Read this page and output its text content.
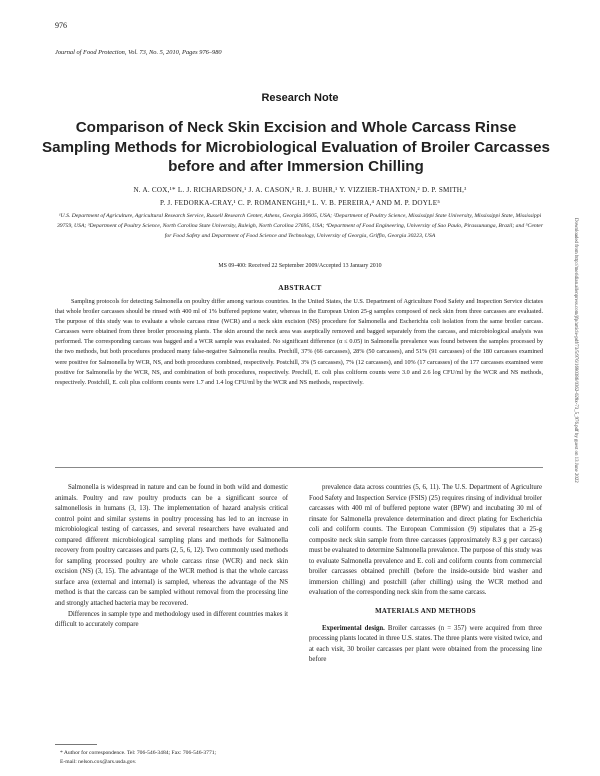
976
Journal of Food Protection, Vol. 73, No. 5, 2010, Pages 976–980
Research Note
Comparison of Neck Skin Excision and Whole Carcass Rinse Sampling Methods for Microbiological Evaluation of Broiler Carcasses before and after Immersion Chilling
N. A. COX,¹* L. J. RICHARDSON,¹ J. A. CASON,¹ R. J. BUHR,¹ Y. VIZZIER-THAXTON,² D. P. SMITH,³
P. J. FEDORKA-CRAY,¹ C. P. ROMANENGHI,⁴ L. V. B. PEREIRA,⁴ AND M. P. DOYLE⁵
¹U.S. Department of Agriculture, Agricultural Research Service, Russell Research Center, Athens, Georgia 30605, USA; ²Department of Poultry Science, Mississippi State University, Mississippi State, Mississippi 39759, USA; ³Department of Poultry Science, North Carolina State University, Raleigh, North Carolina 27695, USA; ⁴Department of Food Engineering, University of Sao Paulo, Pirassununga, Brazil; and ⁵Center for Food Safety and Department of Food Science and Technology, University of Georgia, Griffin, Georgia 30223, USA
MS 09-400: Received 22 September 2009/Accepted 13 January 2010
ABSTRACT
Sampling protocols for detecting Salmonella on poultry differ among various countries. In the United States, the U.S. Department of Agriculture Food Safety and Inspection Service dictates that whole broiler carcasses should be rinsed with 400 ml of 1% buffered peptone water, whereas in the European Union 25-g samples composed of neck skin from three carcasses are evaluated. The purpose of this study was to evaluate a whole carcass rinse (WCR) and a neck skin excision (NS) procedure for Salmonella and Escherichia coli isolation from the same broiler carcass. Carcasses were obtained from three broiler processing plants. The skin around the neck area was aseptically removed and bagged separately from the carcass, and microbiological analysis was performed. The corresponding carcass was bagged and a WCR sample was evaluated. No significant difference (α ≤ 0.05) in Salmonella prevalence was found between the samples processed by the two methods, but both procedures produced many false-negative Salmonella results. Prechill, 37% (66 carcasses), 28% (50 carcasses), and 51% (91 carcasses) of the 180 carcasses examined were positive for Salmonella by WCR, NS, and both procedures combined, respectively. Postchill, 3% (5 carcasses), 7% (12 carcasses), and 10% (17 carcasses) of the 177 carcasses examined were positive for Salmonella by the WCR, NS, and combination of both procedures, respectively. Prechill, E. coli plus coliform counts were 3.0 and 2.6 log CFU/ml by the WCR and NS methods, respectively. Postchill, E. coli plus coliform counts were 1.7 and 1.4 log CFU/ml by the WCR and NS methods, respectively.

Salmonella is widespread in nature and can be found in both wild and domestic animals. Poultry and raw poultry products can be a significant source of salmonellosis in humans (3, 13). The implementation of hazard analysis critical control point and similar systems in poultry processing has led to an increase in microbiological testing of carcasses, and several researchers have evaluated and compared different microbiological sampling plans and methods for Salmonella recovery from poultry carcasses and parts (2, 5, 6, 12). Two commonly used methods for sampling processed poultry are whole carcass rinse (WCR) and neck skin excision (NS) (3, 15). The advantage of the WCR method is that the whole carcass surface area (external and internal) is sampled, whereas the advantage of the NS method is that the carcass can be sampled without removal from the processing line and strongly attached bacteria may be recovered.

Differences in sample type and methodology used in different countries makes it difficult to accurately compare

prevalence data across countries (5, 6, 11). The U.S. Department of Agriculture Food Safety and Inspection Service (FSIS) (25) requires rinsing of individual broiler carcasses with 400 ml of buffered peptone water (BPW) and incubating 30 ml of rinsate for Salmonella prevalence determination and direct plating for Escherichia coli and coliform counts. The European Commission (9) stipulates that a 25-g composite neck skin sample from three carcasses (approximately 8.3 g per carcass) must be evaluated to determine Salmonella prevalence. The purpose of this study was to evaluate Salmonella prevalence and E. coli and coliform counts from commercial broiler carcasses obtained prechill (before the inside-outside bird washer and immersion chilling) and postchill (after chilling) using the WCR method and evaluation of the corresponding neck skin from the same carcass.

MATERIALS AND METHODS

Experimental design. Broiler carcasses (n = 357) were acquired from three processing plants located in three U.S. states. The three plants were visited twice, and at each visit, 30 broiler carcasses per plant were obtained from the processing line before

* Author for correspondence. Tel: 706-546-3484; Fax: 706-546-3771;
E-mail: nelson.cox@ars.usda.gov.
Downloaded from http://meridian.allenpress.com/jfp/article-pdf/73/5/976/1680386/0362-028x-73_5_976.pdf by guest on 13 June 2022
